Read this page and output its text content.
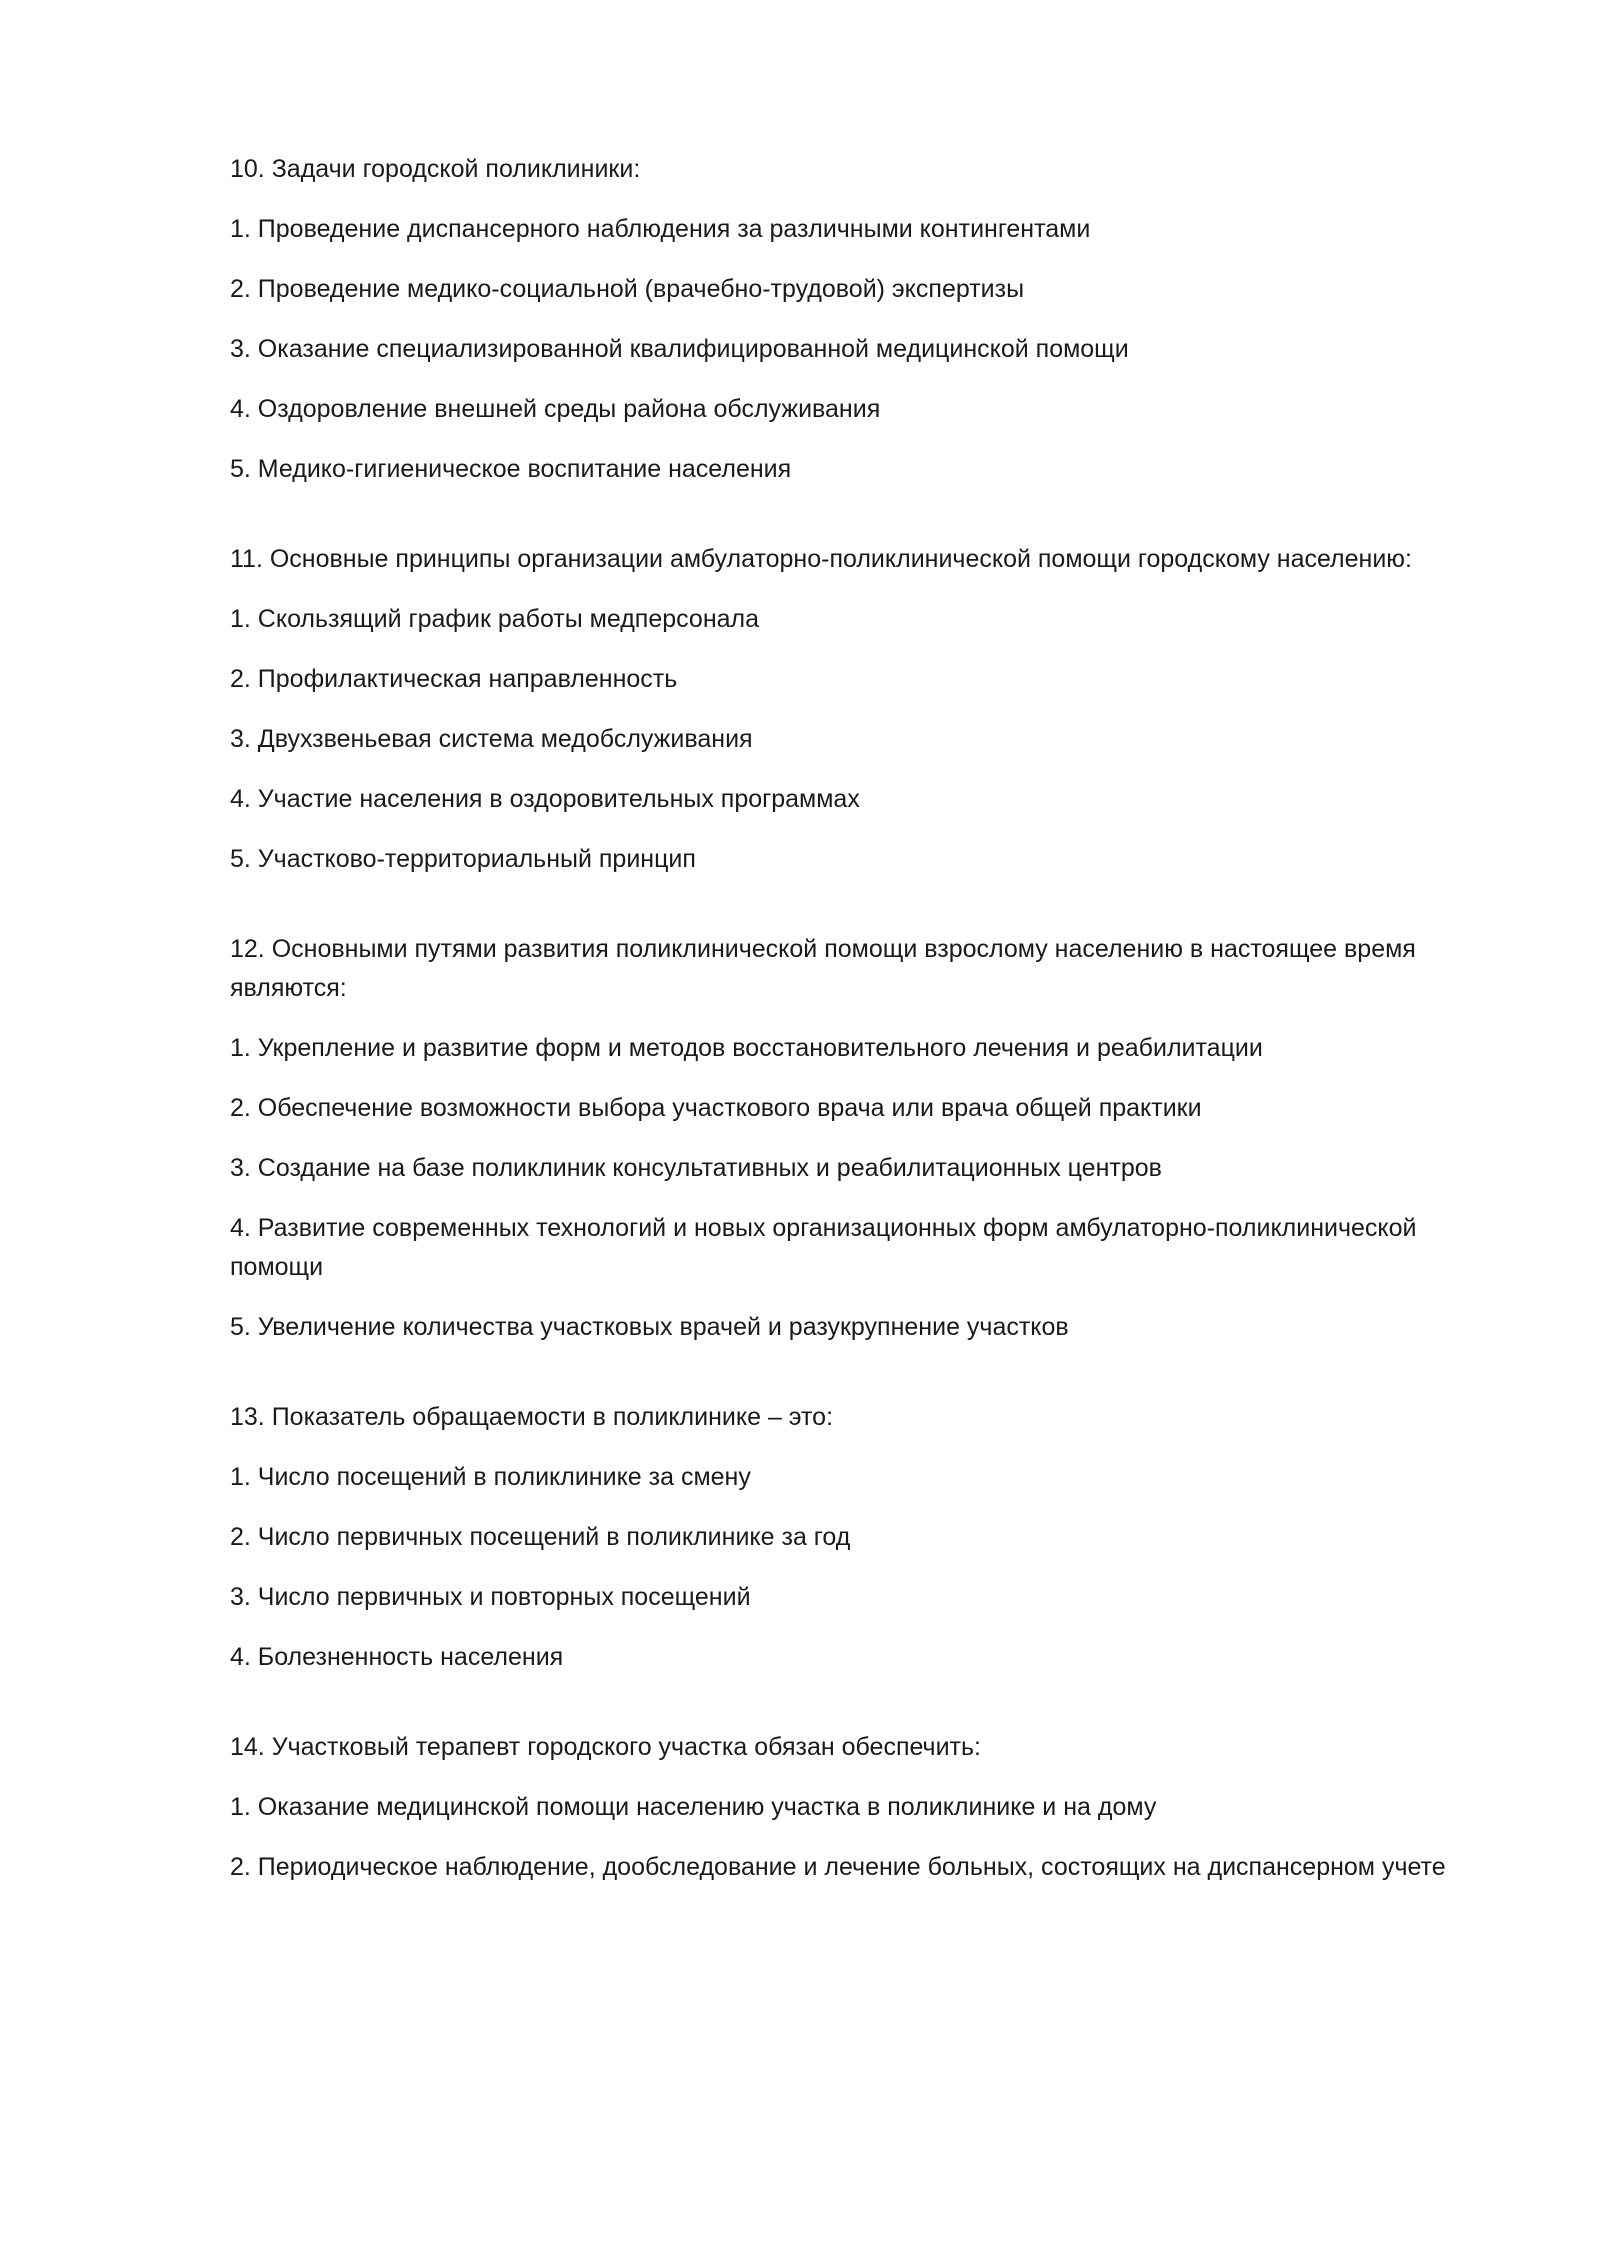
10. Задачи городской поликлиники:

1. Проведение диспансерного наблюдения за различными контингентами

2. Проведение медико-социальной (врачебно-трудовой) экспертизы

3. Оказание специализированной квалифицированной медицинской помощи

4. Оздоровление внешней среды района обслуживания

5. Медико-гигиеническое воспитание населения

11. Основные принципы организации амбулаторно-поликлинической помощи городскому населению:

1. Скользящий график работы медперсонала

2. Профилактическая направленность

3. Двухзвеньевая система медобслуживания

4. Участие населения в оздоровительных программах

5. Участково-территориальный принцип

12. Основными путями развития поликлинической помощи взрослому населению в настоящее время являются:

1. Укрепление и развитие форм и методов восстановительного лечения и реабилитации

2. Обеспечение возможности выбора участкового врача или врача общей практики

3. Создание на базе поликлиник консультативных и реабилитационных центров

4. Развитие современных технологий и новых организационных форм амбулаторно-поликлинической помощи

5. Увеличение количества участковых врачей и разукрупнение участков

13. Показатель обращаемости в поликлинике – это:

1. Число посещений в поликлинике за смену

2. Число первичных посещений в поликлинике за год

3. Число первичных и повторных посещений

4. Болезненность населения

14. Участковый терапевт городского участка обязан обеспечить:

1. Оказание медицинской помощи населению участка в поликлинике и на дому

2. Периодическое наблюдение, дообследование и лечение больных, состоящих на диспансерном учете
